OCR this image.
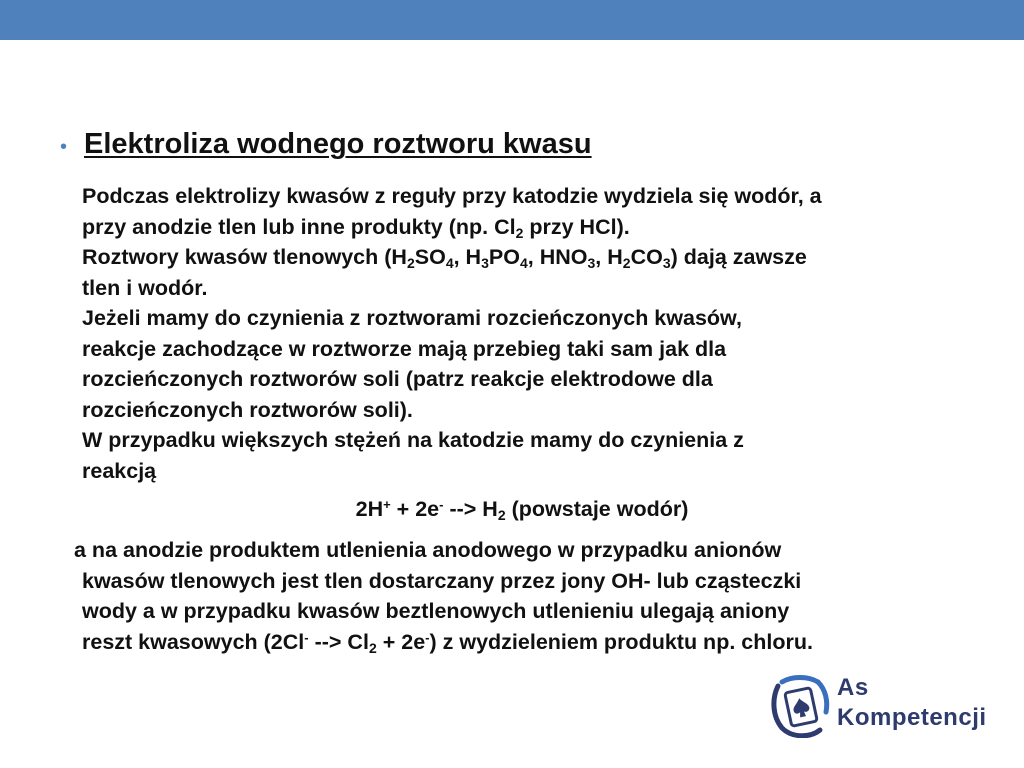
• Elektroliza wodnego roztworu kwasu

Podczas elektrolizy kwasów z reguły przy katodzie wydziela się wodór, a

przy anodzie tlen lub inne produkty (np. $Cl_2$ przy HCl).

Roztwory kwasów tlenowych ($H_2SO_4$, $H_3PO_4$, $HNO_3$, $H_2CO_3$) dają zawsze

tlen i wodór.

Jeżeli mamy do czynienia z roztworami rozcieńczonych kwasów,

reakcje zachodzące w roztworze mają przebieg taki sam jak dla

rozcieńczonych roztworów soli (patrz reakcje elektrodowe dla

rozcieńczonych roztworów soli).

W przypadku większych stężeń na katodzie mamy do czynienia z

reakcją

2H+ + 2e- --> $H_2$ (powstaje wodór)

a na anodzie produktem utlenienia anodowego w przypadku anionów

kwasów tlenowych jest tlen dostarczany przez jony OH- lub cząsteczki

wody a w przypadku kwasów beztlenowych utlenieniu ulegają aniony

reszt kwasowych (2Cl- --> $Cl_2 + 2e^-$) z wydzieleniem produktu np. chloru.

As
Kompetencji
